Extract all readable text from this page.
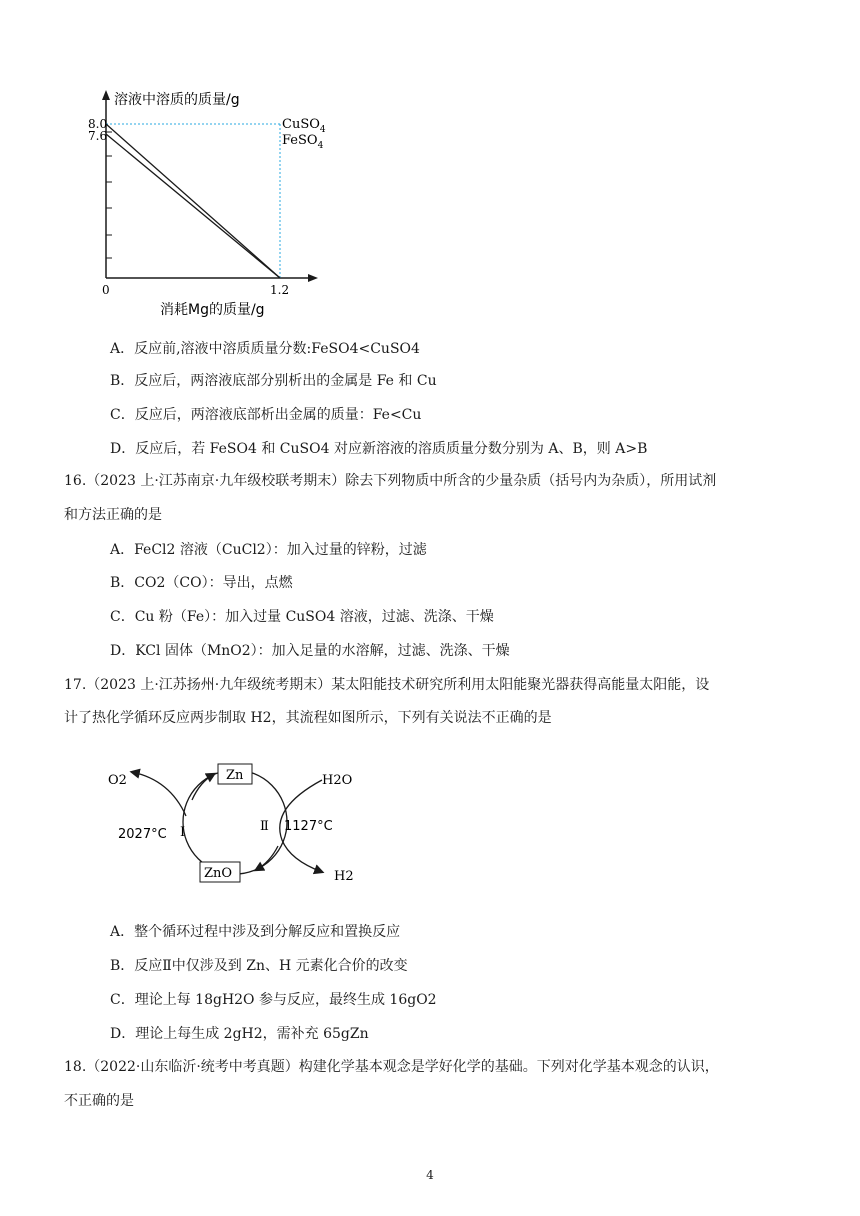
溶液中溶质的质量/g
8.0
7.6
0	1.2
消耗Mg的质量/g
CuSO$_4$
FeSO$_4$
A．反应前,溶液中溶质质量分数:FeSO4<CuSO4
B．反应后，两溶液底部分别析出的金属是 Fe 和 Cu
C．反应后，两溶液底部析出金属的质量：Fe<Cu
D．反应后，若 FeSO4 和 CuSO4 对应新溶液的溶质质量分数分别为 A、B，则 A>B
16.（2023 上·江苏南京·九年级校联考期末）除去下列物质中所含的少量杂质（括号内为杂质），所用试剂
和方法正确的是
A．FeCl2 溶液（CuCl2）：加入过量的锌粉，过滤
B．CO2（CO）：导出，点燃
C．Cu 粉（Fe）：加入过量 CuSO4 溶液，过滤、洗涤、干燥
D．KCl 固体（MnO2）：加入足量的水溶解，过滤、洗涤、干燥
17.（2023 上·江苏扬州·九年级统考期末）某太阳能技术研究所利用太阳能聚光器获得高能量太阳能，设
计了热化学循环反应两步制取 H2，其流程如图所示，下列有关说法不正确的是
Zn
ZnO
O2	H2O
H2
2027°C Ⅰ	Ⅱ 1127°C
A．整个循环过程中涉及到分解反应和置换反应
B．反应Ⅱ中仅涉及到 Zn、H 元素化合价的改变
C．理论上每 18gH2O 参与反应，最终生成 16gO2
D．理论上每生成 2gH2，需补充 65gZn
18.（2022·山东临沂·统考中考真题）构建化学基本观念是学好化学的基础。下列对化学基本观念的认识，
不正确的是
4
